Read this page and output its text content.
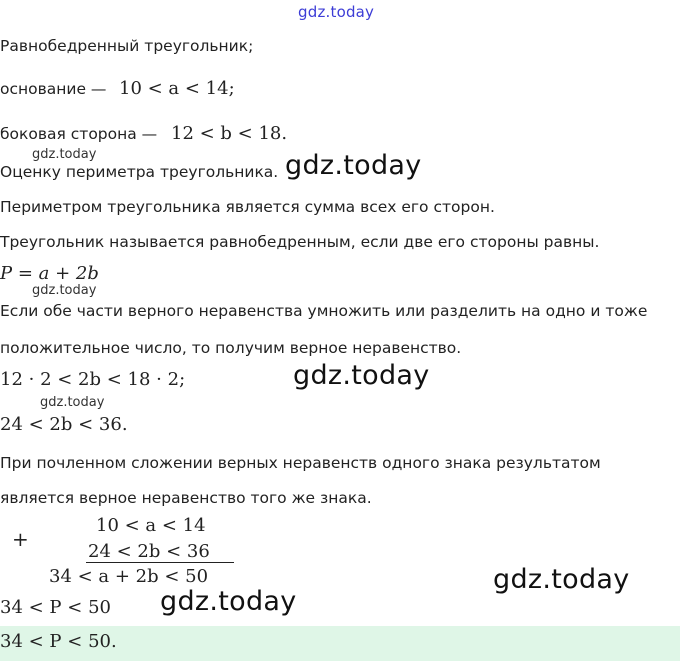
gdz.today
Равнобедренный треугольник;
основание — 10 < a < 14;
боковая сторона — 12 < b < 18.
gdz.today
Оценку периметра треугольника. gdz.today
Периметром треугольника является сумма всех его сторон.
Треугольник называется равнобедренным, если две его стороны равны.
P = a + 2b
gdz.today
Если обе части верного неравенства умножить или разделить на одно и тоже
положительное число, то получим верное неравенство.
12 · 2 < 2b < 18 · 2;	gdz.today
gdz.today
24 < 2b < 36.
При почленном сложении верных неравенств одного знака результатом
является верное неравенство того же знака.
+
10 < a < 14
24 < 2b < 36
34 < a + 2b < 50	gdz.today
34 < P < 50 gdz.today
34 < P < 50.
